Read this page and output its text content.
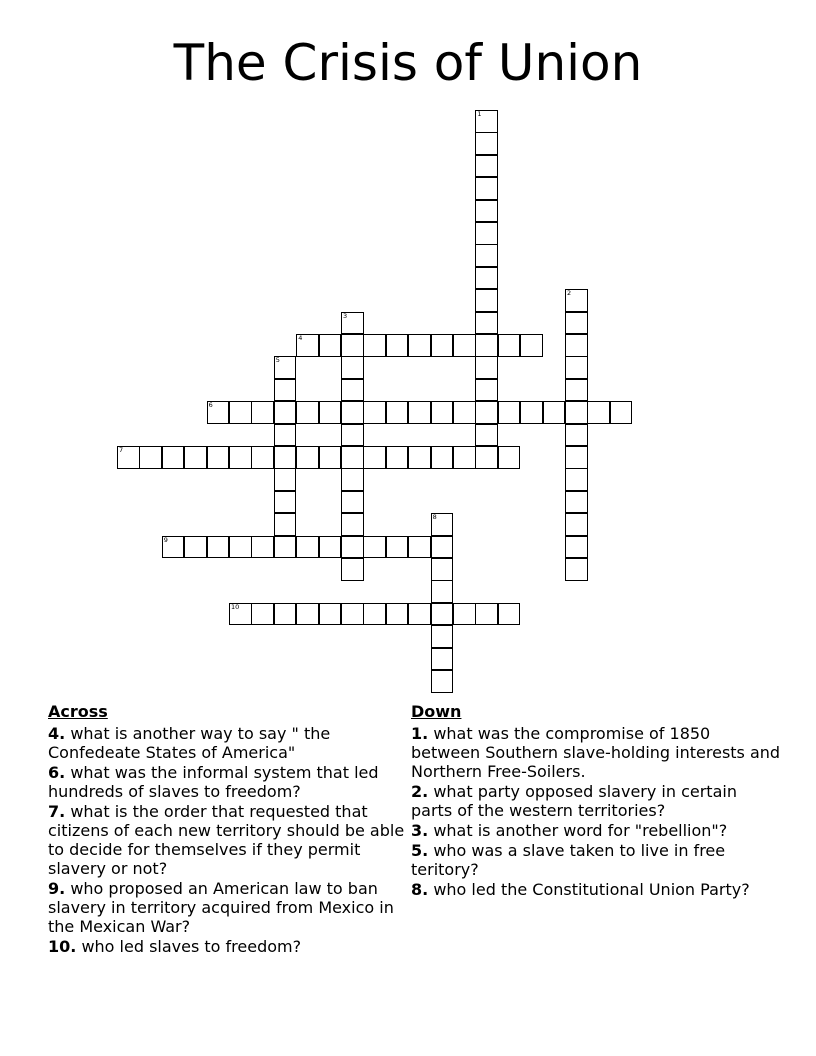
The Crisis of Union
1
2
3
4
5
6
7
8
9
10
Across
4. what is another way to say " the Confedeate States of America"
6. what was the informal system that led hundreds of slaves to freedom?
7. what is the order that requested that citizens of each new territory should be able to decide for themselves if they permit slavery or not?
9. who proposed an American law to ban slavery in territory acquired from Mexico in the Mexican War?
10. who led slaves to freedom?
Down
1. what was the compromise of 1850 between Southern slave-holding interests and Northern Free-Soilers.
2. what party opposed slavery in certain parts of the western territories?
3. what is another word for "rebellion"?
5. who was a slave taken to live in free teritory?
8. who led the Constitutional Union Party?
